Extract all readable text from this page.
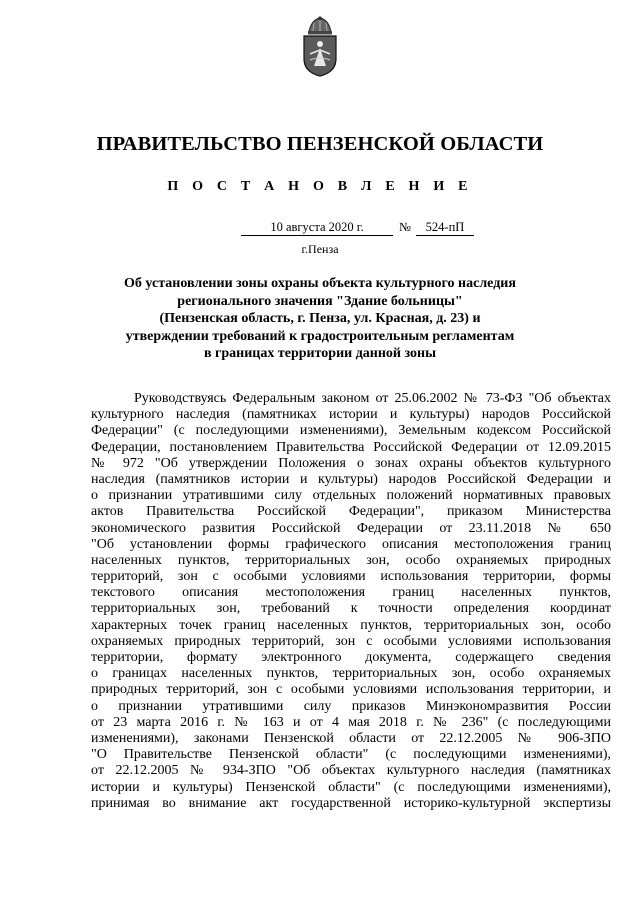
ПРАВИТЕЛЬСТВО ПЕНЗЕНСКОЙ ОБЛАСТИ
П О С Т А Н О В Л Е Н И Е
10 августа 2020 г.	№	524-пП
г.Пенза
Об установлении зоны охраны объекта культурного наследия
регионального значения "Здание больницы"
(Пензенская область, г. Пенза, ул. Красная, д. 23) и
утверждении требований к градостроительным регламентам
в границах территории данной зоны
Руководствуясь Федеральным законом от 25.06.2002 № 73-ФЗ "Об объектах
культурного наследия (памятниках истории и культуры) народов Российской
Федерации" (с последующими изменениями), Земельным кодексом Российской
Федерации, постановлением Правительства Российской Федерации от 12.09.2015
№ 972 "Об утверждении Положения о зонах охраны объектов культурного
наследия (памятников истории и культуры) народов Российской Федерации и
о признании утратившими силу отдельных положений нормативных правовых
актов Правительства Российской Федерации", приказом Министерства
экономического развития Российской Федерации от 23.11.2018 № 650
"Об установлении формы графического описания местоположения границ
населенных пунктов, территориальных зон, особо охраняемых природных
территорий, зон с особыми условиями использования территории, формы
текстового описания местоположения границ населенных пунктов,
территориальных зон, требований к точности определения координат
характерных точек границ населенных пунктов, территориальных зон, особо
охраняемых природных территорий, зон с особыми условиями использования
территории, формату электронного документа, содержащего сведения
о границах населенных пунктов, территориальных зон, особо охраняемых
природных территорий, зон с особыми условиями использования территории, и
о признании утратившими силу приказов Минэкономразвития России
от 23 марта 2016 г. № 163 и от 4 мая 2018 г. № 236" (с последующими
изменениями), законами Пензенской области от 22.12.2005 № 906-ЗПО
"О Правительстве Пензенской области" (с последующими изменениями),
от 22.12.2005 № 934-ЗПО "Об объектах культурного наследия (памятниках
истории и культуры) Пензенской области" (с последующими изменениями),
принимая во внимание акт государственной историко-культурной экспертизы
